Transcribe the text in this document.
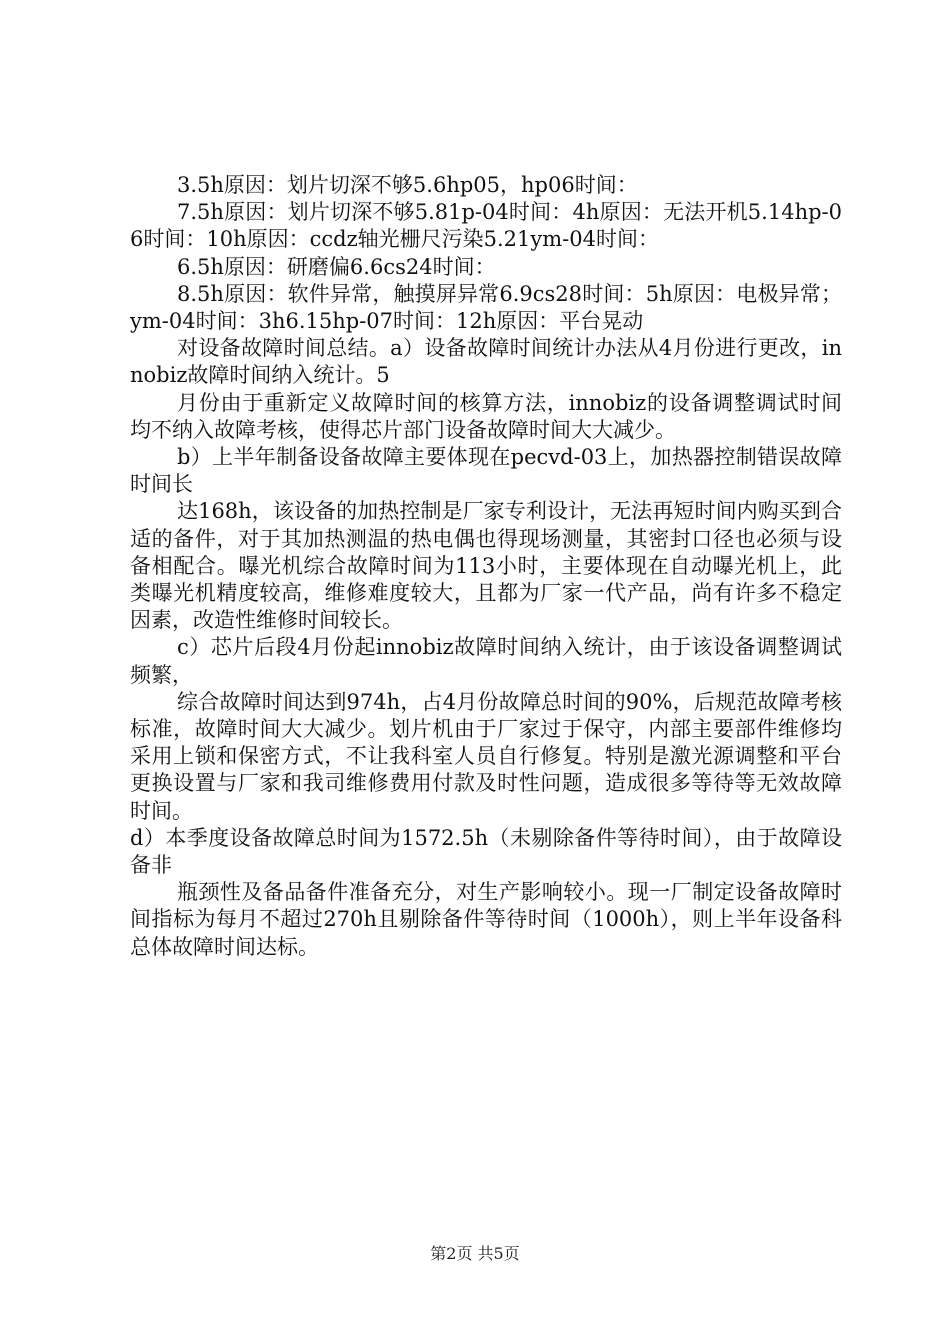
3.5h原因：划片切深不够5.6hp05，hp06时间：

7.5h原因：划片切深不够5.81p-04时间：4h原因：无法开机5.14hp-06时间：10h原因：ccdz轴光栅尺污染5.21ym-04时间：

6.5h原因：研磨偏6.6cs24时间：

8.5h原因：软件异常，触摸屏异常6.9cs28时间：5h原因：电极异常；ym-04时间：3h6.15hp-07时间：12h原因：平台晃动

对设备故障时间总结。a）设备故障时间统计办法从4月份进行更改，innobiz故障时间纳入统计。5

月份由于重新定义故障时间的核算方法，innobiz的设备调整调试时间均不纳入故障考核，使得芯片部门设备故障时间大大减少。

b）上半年制备设备故障主要体现在pecvd-03上，加热器控制错误故障时间长

达168h，该设备的加热控制是厂家专利设计，无法再短时间内购买到合适的备件，对于其加热测温的热电偶也得现场测量，其密封口径也必须与设备相配合。曝光机综合故障时间为113小时，主要体现在自动曝光机上，此类曝光机精度较高，维修难度较大，且都为厂家一代产品，尚有许多不稳定因素，改造性维修时间较长。

c）芯片后段4月份起innobiz故障时间纳入统计，由于该设备调整调试频繁，

综合故障时间达到974h，占4月份故障总时间的90%，后规范故障考核标准，故障时间大大减少。划片机由于厂家过于保守，内部主要部件维修均采用上锁和保密方式，不让我科室人员自行修复。特别是激光源调整和平台更换设置与厂家和我司维修费用付款及时性问题，造成很多等待等无效故障时间。

d）本季度设备故障总时间为1572.5h（未剔除备件等待时间），由于故障设备非

瓶颈性及备品备件准备充分，对生产影响较小。现一厂制定设备故障时间指标为每月不超过270h且剔除备件等待时间（1000h），则上半年设备科总体故障时间达标。

第2页 共5页
